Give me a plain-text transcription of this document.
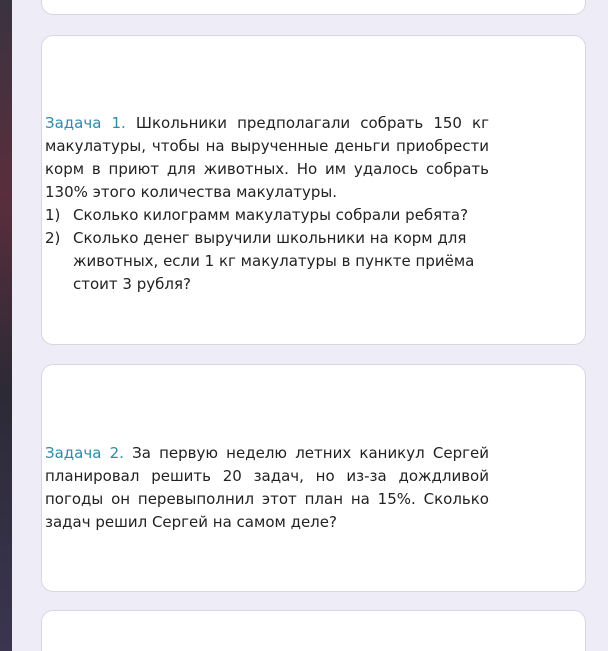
Задача 1. Школьники предполагали собрать 150 кг макулатуры, чтобы на вырученные деньги приобрести корм в приют для животных. Но им удалось собрать 130% этого количества макулатуры.

1) Сколько килограмм макулатуры собрали ребята?
2) Сколько денег выручили школьники на корм для животных, если 1 кг макулатуры в пункте приёма стоит 3 рубля?

Задача 2. За первую неделю летних каникул Сергей планировал решить 20 задач, но из-за дождливой погоды он перевыполнил этот план на 15%. Сколько задач решил Сергей на самом деле?
